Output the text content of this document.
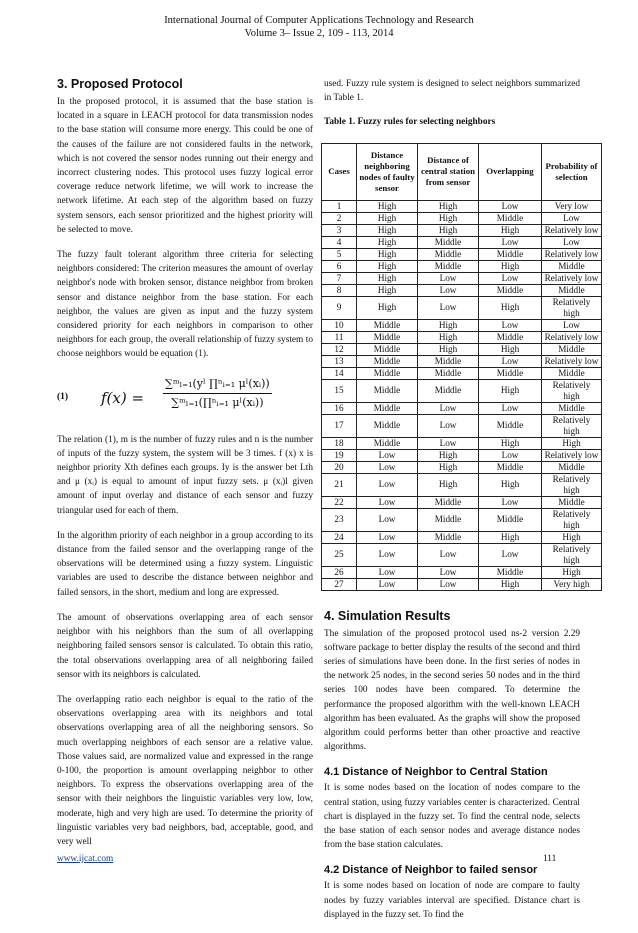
International Journal of Computer Applications Technology and Research
Volume 3– Issue 2, 109 - 113, 2014
3. Proposed Protocol

In the proposed protocol, it is assumed that the base station is located in a square in LEACH protocol for data transmission nodes to the base station will consume more energy. This could be one of the causes of the failure are not considered faults in the network, which is not covered the sensor nodes running out their energy and incorrect clustering nodes. This protocol uses fuzzy logical error coverage reduce network lifetime, we will work to increase the network lifetime. At each step of the algorithm based on fuzzy system sensors, each sensor prioritized and the highest priority will be selected to move.

The fuzzy fault tolerant algorithm three criteria for selecting neighbors considered: The criterion measures the amount of overlay neighbor's node with broken sensor, distance neighbor from broken sensor and distance neighbor from the base station. For each neighbor, the values are given as input and the fuzzy system considered priority for each neighbors in comparison to other neighbors for each group, the overall relationship of fuzzy system to choose neighbors would be equation (1).

(1) $f(x) = \frac{\text{∑ᵐₗ₌₁(yˡ ∏ⁿᵢ₌₁ μˡ(xᵢ))}}{\text{∑ᵐₗ₌₁(∏ⁿᵢ₌₁ μˡ(xᵢ))}}$

The relation (1), m is the number of fuzzy rules and n is the number of inputs of the fuzzy system, the system will be 3 times. f (x) x is neighbor priority Xth defines each groups. Iy is the answer bet Lth and μ (xᵢ) is equal to amount of input fuzzy sets. μ (xᵢ)l given amount of input overlay and distance of each sensor and fuzzy triangular used for each of them.

In the algorithm priority of each neighbor in a group according to its distance from the failed sensor and the overlapping range of the observations will be determined using a fuzzy system. Linguistic variables are used to describe the distance between neighbor and failed sensors, in the short, medium and long are expressed.

The amount of observations overlapping area of each sensor neighbor with his neighbors than the sum of all overlapping neighboring failed sensors sensor is calculated. To obtain this ratio, the total observations overlapping area of all neighboring failed sensor with its neighbors is calculated.

The overlapping ratio each neighbor is equal to the ratio of the observations overlapping area with its neighbors and total observations overlapping area of all the neighboring sensors. So much overlapping neighbors of each sensor are a relative value. Those values said, are normalized value and expressed in the range 0-100, the proportion is amount overlapping neighbor to other neighbors. To express the observations overlapping area of the sensor with their neighbors the linguistic variables very low, low, moderate, high and very high are used. To determine the priority of linguistic variables very bad neighbors, bad, acceptable, good, and very well

used. Fuzzy rule system is designed to select neighbors summarized in Table 1.

Table 1. Fuzzy rules for selecting neighbors
Cases	Distance neighboring nodes of faulty sensor	Distance of central station from sensor	Overlapping	Probability of selection
1	High	High	Low	Very low
2	High	High	Middle	Low
3	High	High	High	Relatively low
4	High	Middle	Low	Low
5	High	Middle	Middle	Relatively low
6	High	Middle	High	Middle
7	High	Low	Low	Relatively low
8	High	Low	Middle	Middle
9	High	Low	High	Relatively high
10	Middle	High	Low	Low
11	Middle	High	Middle	Relatively low
12	Middle	High	High	Middle
13	Middle	Middle	Low	Relatively low
14	Middle	Middle	Middle	Middle
15	Middle	Middle	High	Relatively high
16	Middle	Low	Low	Middle
17	Middle	Low	Middle	Relatively high
18	Middle	Low	High	High
19	Low	High	Low	Relatively low
20	Low	High	Middle	Middle
21	Low	High	High	Relatively high
22	Low	Middle	Low	Middle
23	Low	Middle	Middle	Relatively high
24	Low	Middle	High	High
25	Low	Low	Low	Relatively high
26	Low	Low	Middle	High
27	Low	Low	High	Very high
4. Simulation Results

The simulation of the proposed protocol used ns-2 version 2.29 software package to better display the results of the second and third series of simulations have been done. In the first series of nodes in the network 25 nodes, in the second series 50 nodes and in the third series 100 nodes have been compared. To determine the performance the proposed algorithm with the well-known LEACH algorithm has been evaluated. As the graphs will show the proposed algorithm could performs better than other proactive and reactive algorithms.

4.1 Distance of Neighbor to Central Station

It is some nodes based on the location of nodes compare to the central station, using fuzzy variables center is characterized. Central chart is displayed in the fuzzy set. To find the central node, selects the base station of each sensor nodes and average distance nodes from the base station calculates.

4.2 Distance of Neighbor to failed sensor

It is some nodes based on location of node are compare to faulty nodes by fuzzy variables interval are specified. Distance chart is displayed in the fuzzy set. To find the

www.ijcat.com	111
